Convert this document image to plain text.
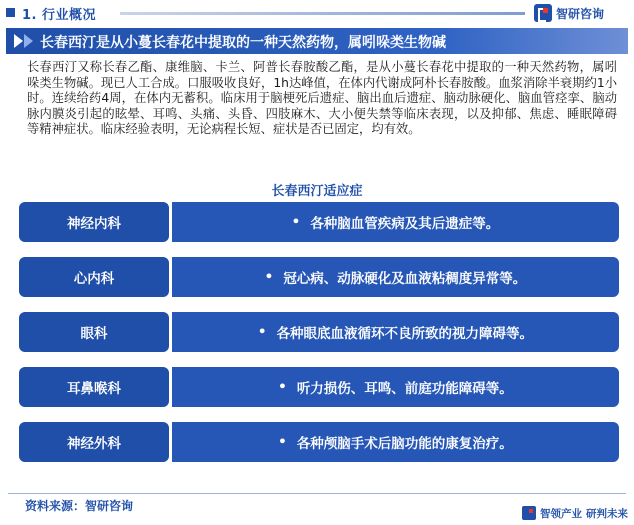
1. 行业概况	智研咨询
长春西汀是从小蔓长春花中提取的一种天然药物，属吲哚类生物碱
长春西汀又称长春乙酯、康维脑、卡兰、阿普长春胺酸乙酯，是从小蔓长春花中提取的一种天然药物，属吲哚类生物碱。现已人工合成。口服吸收良好，1h达峰值，在体内代谢成阿朴长春胺酸。血浆消除半衰期约1小时。连续给药4周，在体内无蓄积。临床用于脑梗死后遗症、脑出血后遗症、脑动脉硬化、脑血管痉挛、脑动脉内膜炎引起的眩晕、耳鸣、头痛、头昏、四肢麻木、大小便失禁等临床表现，以及抑郁、焦虑、睡眠障碍等精神症状。临床经验表明，无论病程长短、症状是否已固定，均有效。
长春西汀适应症
神经内科	• 各种脑血管疾病及其后遗症等。
心内科	• 冠心病、动脉硬化及血液粘稠度异常等。
眼科	• 各种眼底血液循环不良所致的视力障碍等。
耳鼻喉科	• 听力损伤、耳鸣、前庭功能障碍等。
神经外科	• 各种颅脑手术后脑功能的康复治疗。
资料来源：智研咨询
智领产业 研判未来
